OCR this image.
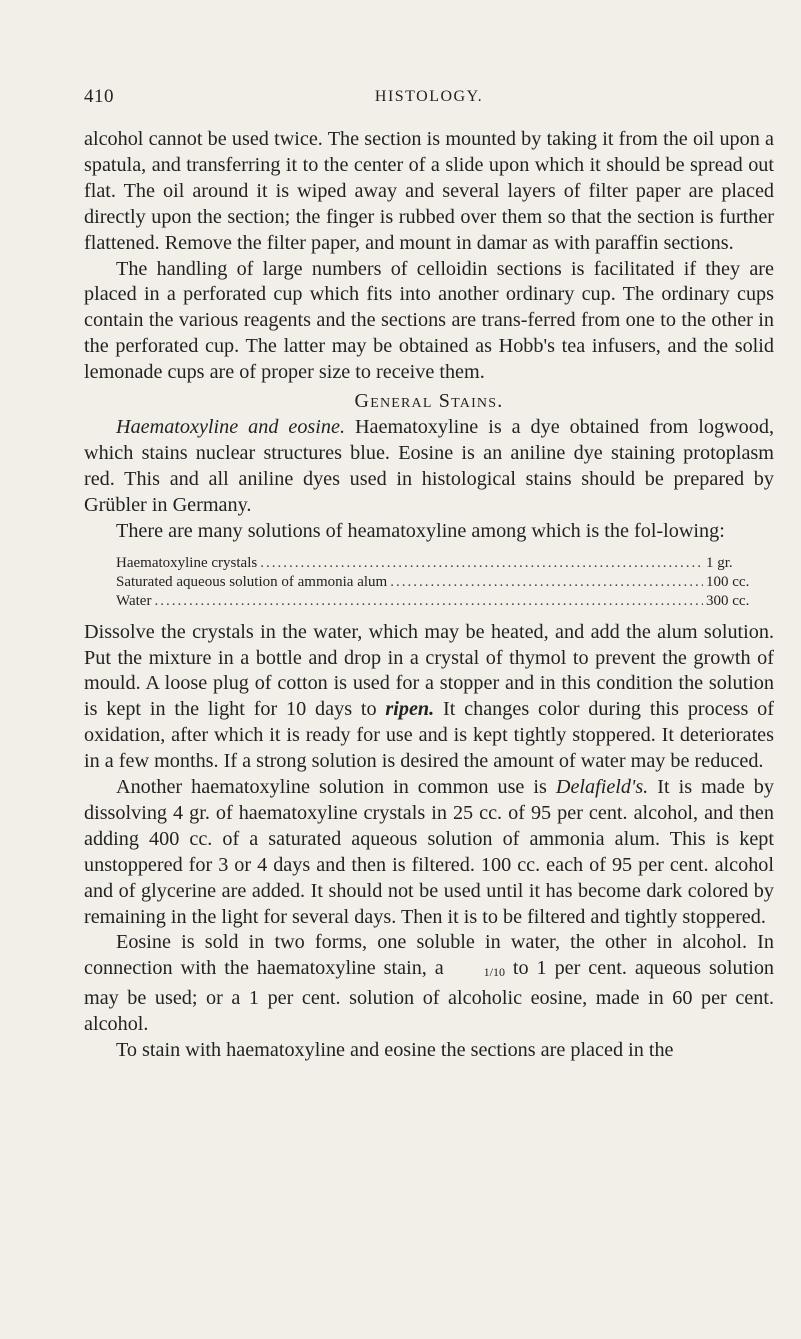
410	HISTOLOGY.

alcohol cannot be used twice. The section is mounted by taking it from the oil upon a spatula, and transferring it to the center of a slide upon which it should be spread out flat. The oil around it is wiped away and several layers of filter paper are placed directly upon the section; the finger is rubbed over them so that the section is further flattened. Remove the filter paper, and mount in damar as with paraffin sections.

The handling of large numbers of celloidin sections is facilitated if they are placed in a perforated cup which fits into another ordinary cup. The ordinary cups contain the various reagents and the sections are trans-ferred from one to the other in the perforated cup. The latter may be obtained as Hobb's tea infusers, and the solid lemonade cups are of proper size to receive them.

General Stains.

Haematoxyline and eosine. Haematoxyline is a dye obtained from logwood, which stains nuclear structures blue. Eosine is an aniline dye staining protoplasm red. This and all aniline dyes used in histological stains should be prepared by Grübler in Germany.

There are many solutions of heamatoxyline among which is the fol-lowing:

Haematoxyline crystals .....	1 gr.
Saturated aqueous solution of ammonia alum .....	100 cc.
Water .....	300 cc.

Dissolve the crystals in the water, which may be heated, and add the alum solution. Put the mixture in a bottle and drop in a crystal of thymol to prevent the growth of mould. A loose plug of cotton is used for a stopper and in this condition the solution is kept in the light for 10 days to ripen. It changes color during this process of oxidation, after which it is ready for use and is kept tightly stoppered. It deteriorates in a few months. If a strong solution is desired the amount of water may be reduced.

Another haematoxyline solution in common use is Delafield's. It is made by dissolving 4 gr. of haematoxyline crystals in 25 cc. of 95 per cent. alcohol, and then adding 400 cc. of a saturated aqueous solution of ammonia alum. This is kept unstoppered for 3 or 4 days and then is filtered. 100 cc. each of 95 per cent. alcohol and of glycerine are added. It should not be used until it has become dark colored by remaining in the light for several days. Then it is to be filtered and tightly stoppered.

Eosine is sold in two forms, one soluble in water, the other in alcohol. In connection with the haematoxyline stain, a	1/10 to 1 per cent. aqueous solution may be used; or a 1 per cent. solution of alcoholic eosine, made in 60 per cent. alcohol.

To stain with haematoxyline and eosine the sections are placed in the
